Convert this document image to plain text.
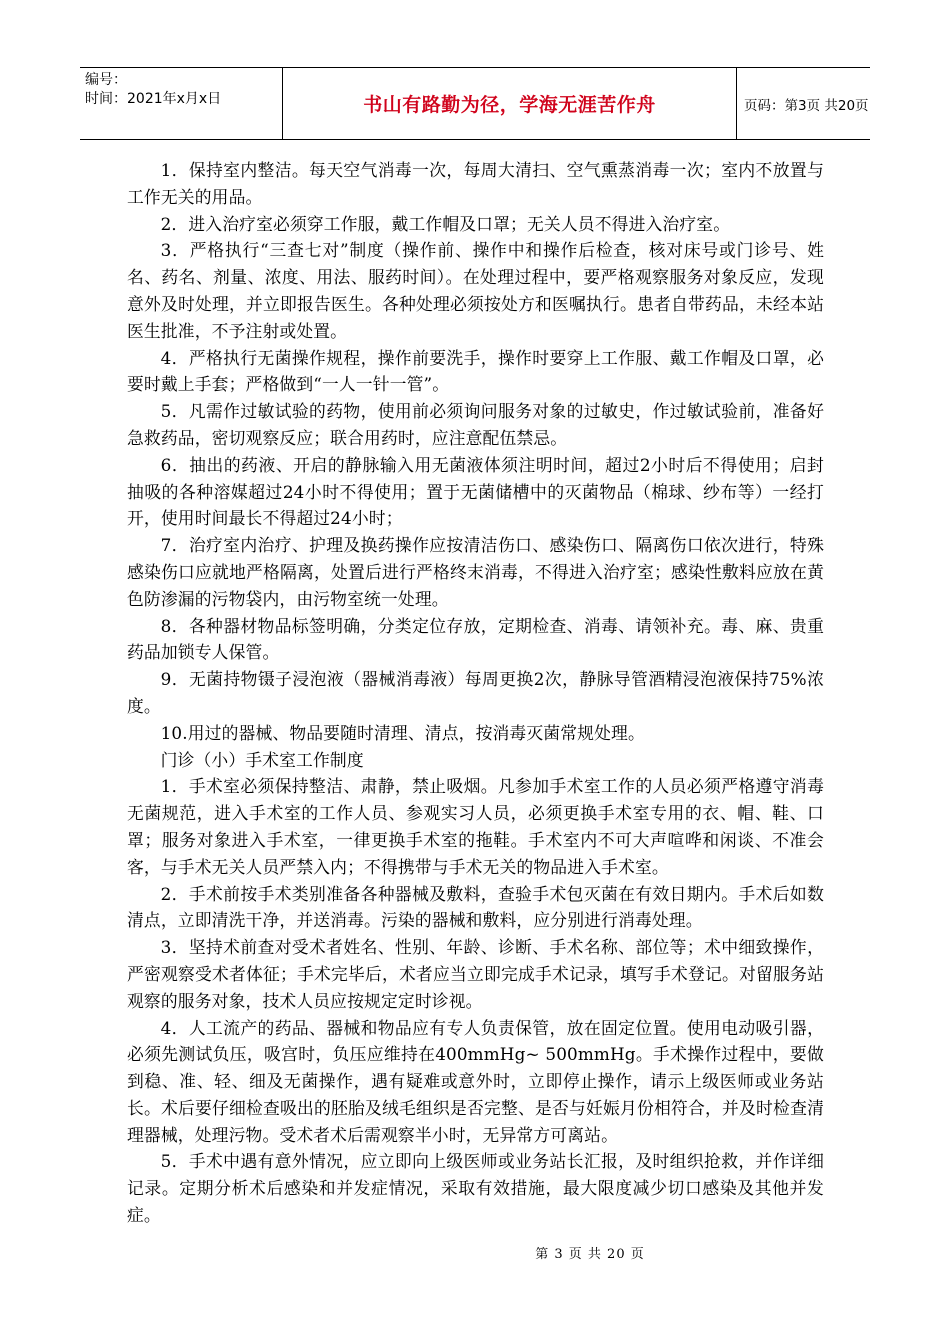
编号：
时间：2021年x月x日	书山有路勤为径，学海无涯苦作舟	页码：第3页 共20页

1．保持室内整洁。每天空气消毒一次，每周大清扫、空气熏蒸消毒一次；室内不放置与工作无关的用品。

2．进入治疗室必须穿工作服，戴工作帽及口罩；无关人员不得进入治疗室。

3．严格执行“三查七对”制度（操作前、操作中和操作后检查，核对床号或门诊号、姓名、药名、剂量、浓度、用法、服药时间）。在处理过程中，要严格观察服务对象反应，发现意外及时处理，并立即报告医生。各种处理必须按处方和医嘱执行。患者自带药品，未经本站医生批准，不予注射或处置。

4．严格执行无菌操作规程，操作前要洗手，操作时要穿上工作服、戴工作帽及口罩，必要时戴上手套；严格做到“一人一针一管”。

5．凡需作过敏试验的药物，使用前必须询问服务对象的过敏史，作过敏试验前，准备好急救药品，密切观察反应；联合用药时，应注意配伍禁忌。

6．抽出的药液、开启的静脉输入用无菌液体须注明时间，超过2小时后不得使用；启封抽吸的各种溶媒超过24小时不得使用；置于无菌储槽中的灭菌物品（棉球、纱布等）一经打开，使用时间最长不得超过24小时；

7．治疗室内治疗、护理及换药操作应按清洁伤口、感染伤口、隔离伤口依次进行，特殊感染伤口应就地严格隔离，处置后进行严格终末消毒，不得进入治疗室；感染性敷料应放在黄色防渗漏的污物袋内，由污物室统一处理。

8．各种器材物品标签明确，分类定位存放，定期检查、消毒、请领补充。毒、麻、贵重药品加锁专人保管。

9．无菌持物镊子浸泡液（器械消毒液）每周更换2次，静脉导管酒精浸泡液保持75%浓度。

10.用过的器械、物品要随时清理、清点，按消毒灭菌常规处理。

门诊（小）手术室工作制度

1．手术室必须保持整洁、肃静，禁止吸烟。凡参加手术室工作的人员必须严格遵守消毒无菌规范，进入手术室的工作人员、参观实习人员，必须更换手术室专用的衣、帽、鞋、口罩；服务对象进入手术室，一律更换手术室的拖鞋。手术室内不可大声喧哗和闲谈、不准会客，与手术无关人员严禁入内；不得携带与手术无关的物品进入手术室。

2．手术前按手术类别准备各种器械及敷料，查验手术包灭菌在有效日期内。手术后如数清点，立即清洗干净，并送消毒。污染的器械和敷料，应分别进行消毒处理。

3．坚持术前查对受术者姓名、性别、年龄、诊断、手术名称、部位等；术中细致操作，严密观察受术者体征；手术完毕后，术者应当立即完成手术记录，填写手术登记。对留服务站观察的服务对象，技术人员应按规定定时诊视。

4．人工流产的药品、器械和物品应有专人负责保管，放在固定位置。使用电动吸引器，必须先测试负压，吸宫时，负压应维持在400mmHg~ 500mmHg。手术操作过程中，要做到稳、准、轻、细及无菌操作，遇有疑难或意外时，立即停止操作，请示上级医师或业务站长。术后要仔细检查吸出的胚胎及绒毛组织是否完整、是否与妊娠月份相符合，并及时检查清理器械，处理污物。受术者术后需观察半小时，无异常方可离站。

5．手术中遇有意外情况，应立即向上级医师或业务站长汇报，及时组织抢救，并作详细记录。定期分析术后感染和并发症情况，采取有效措施，最大限度减少切口感染及其他并发症。

第 3 页 共 20 页
